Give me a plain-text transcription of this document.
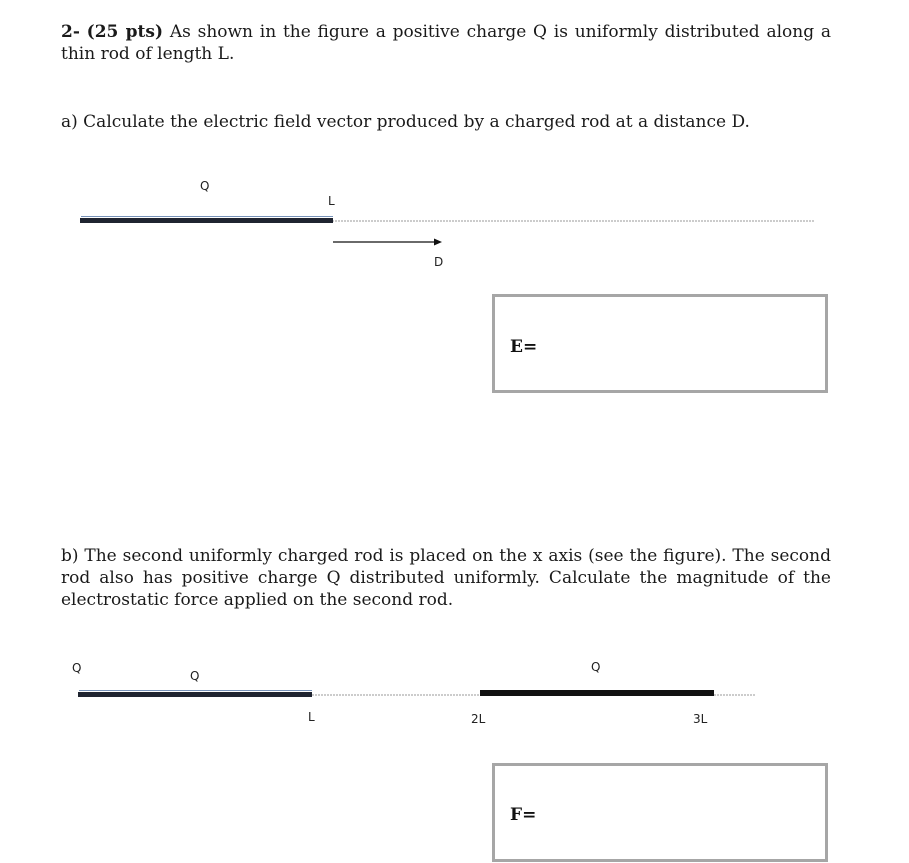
2- (25 pts) As shown in the figure a positive charge Q is uniformly distributed along a thin rod of length L.
a) Calculate the electric field vector produced by a charged rod at a distance D.
Q
L
D
E=
b) The second uniformly charged rod is placed on the x axis (see the figure). The second rod also has positive charge Q distributed uniformly. Calculate the magnitude of the electrostatic force applied on the second rod.
Q
Q
Q
L	2L	3L
F=
